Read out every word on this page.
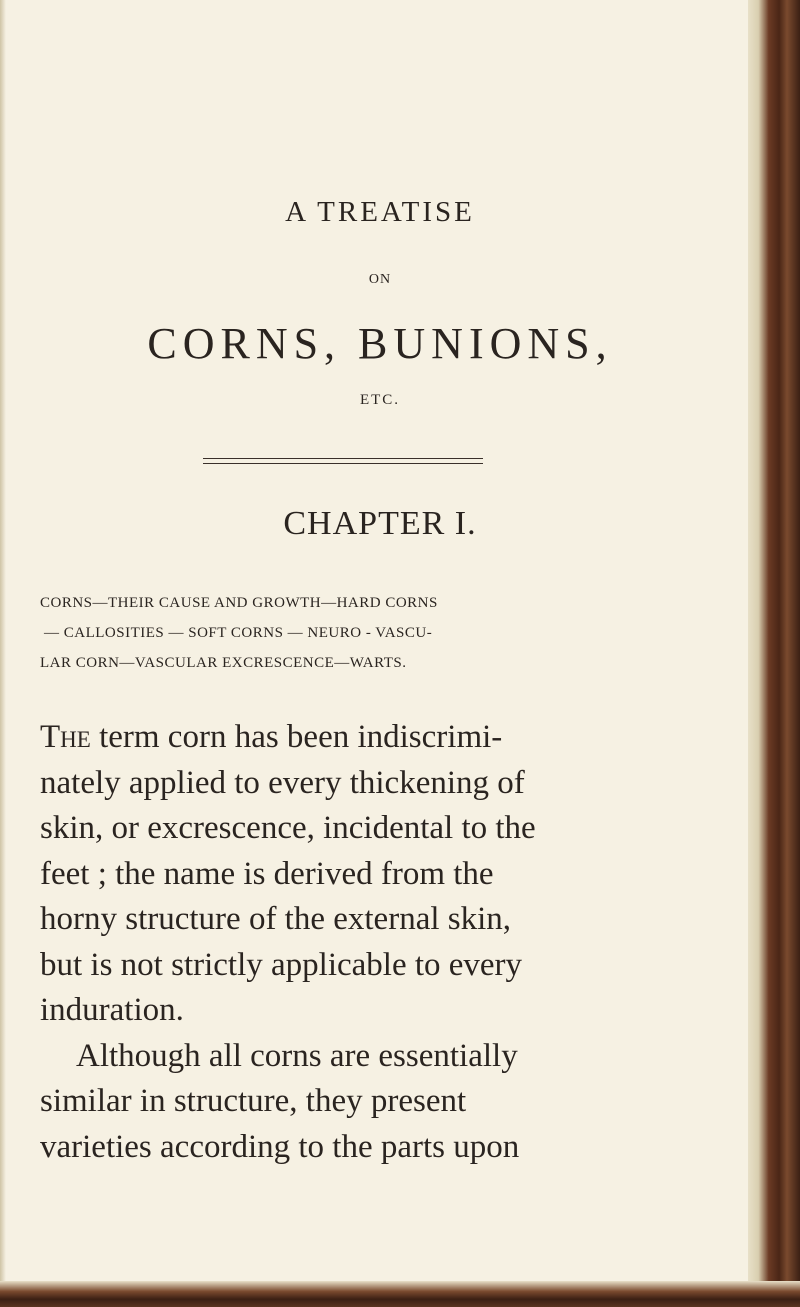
A TREATISE
ON
CORNS, BUNIONS,
ETC.
CHAPTER I.
CORNS—THEIR CAUSE AND GROWTH—HARD CORNS
— CALLOSITIES — SOFT CORNS — NEURO - VASCU-
LAR CORN—VASCULAR EXCRESCENCE—WARTS.
The term corn has been indiscrimi-
nately applied to every thickening of
skin, or excrescence, incidental to the
feet ; the name is derived from the
horny structure of the external skin,
but is not strictly applicable to every
induration.
Although all corns are essentially
similar in structure, they present
varieties according to the parts upon
